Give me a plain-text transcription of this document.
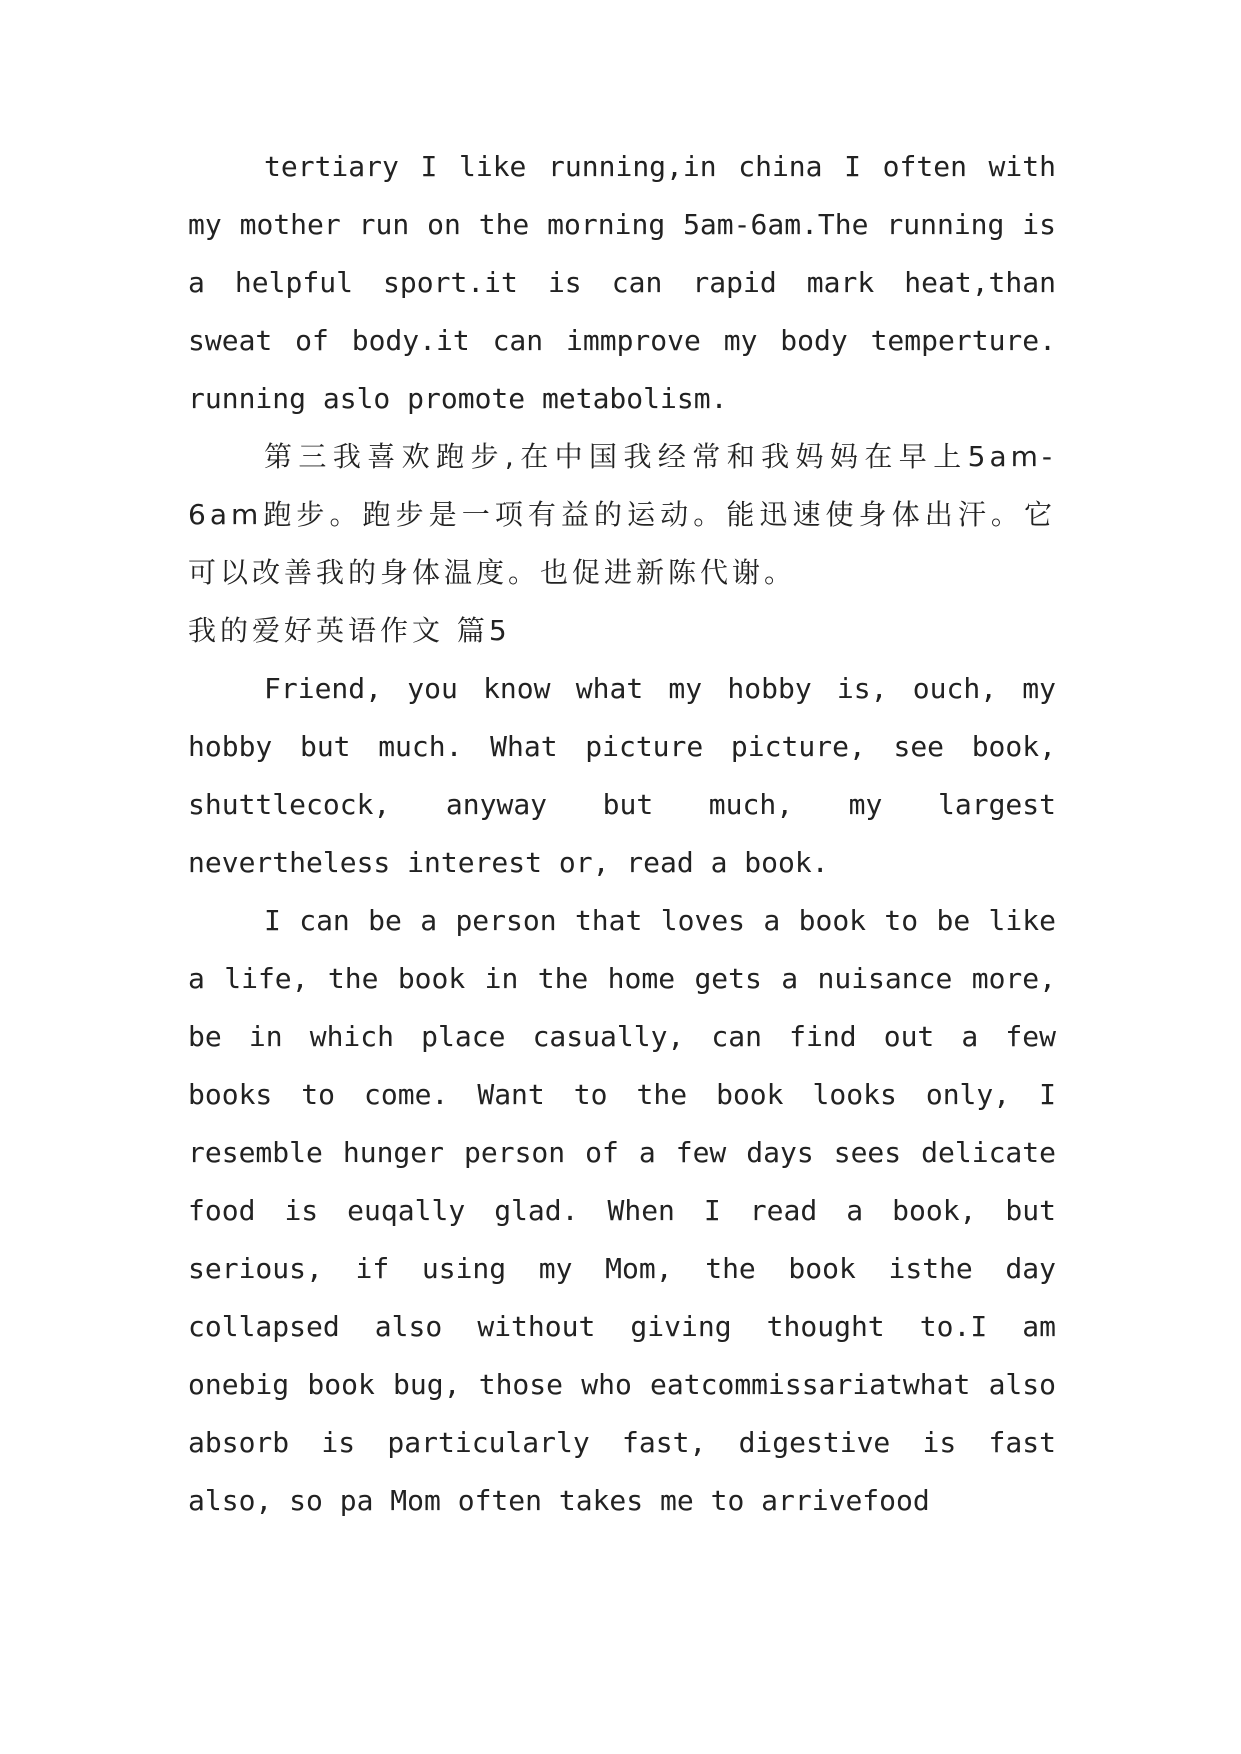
tertiary I like running,in china I often with my mother run on the morning 5am-6am.The running is a helpful sport.it is can rapid mark heat,than sweat of body.it can immprove my body temperture. running aslo promote metabolism.

第三我喜欢跑步,在中国我经常和我妈妈在早上5am-6am跑步。跑步是一项有益的运动。能迅速使身体出汗。它可以改善我的身体温度。也促进新陈代谢。

我的爱好英语作文 篇5

Friend, you know what my hobby is, ouch, my hobby but much. What picture picture, see book, shuttlecock, anyway but much, my largest nevertheless interest or, read a book.

I can be a person that loves a book to be like a life, the book in the home gets a nuisance more, be in which place casually, can find out a few books to come. Want to the book looks only, I resemble hunger person of a few days sees delicate food is euqally glad. When I read a book, but serious, if using my Mom, the book isthe day collapsed also without giving thought to.I am onebig book bug, those who eatcommissariatwhat also absorb is particularly fast, digestive is fast also, so pa Mom often takes me to arrivefood
